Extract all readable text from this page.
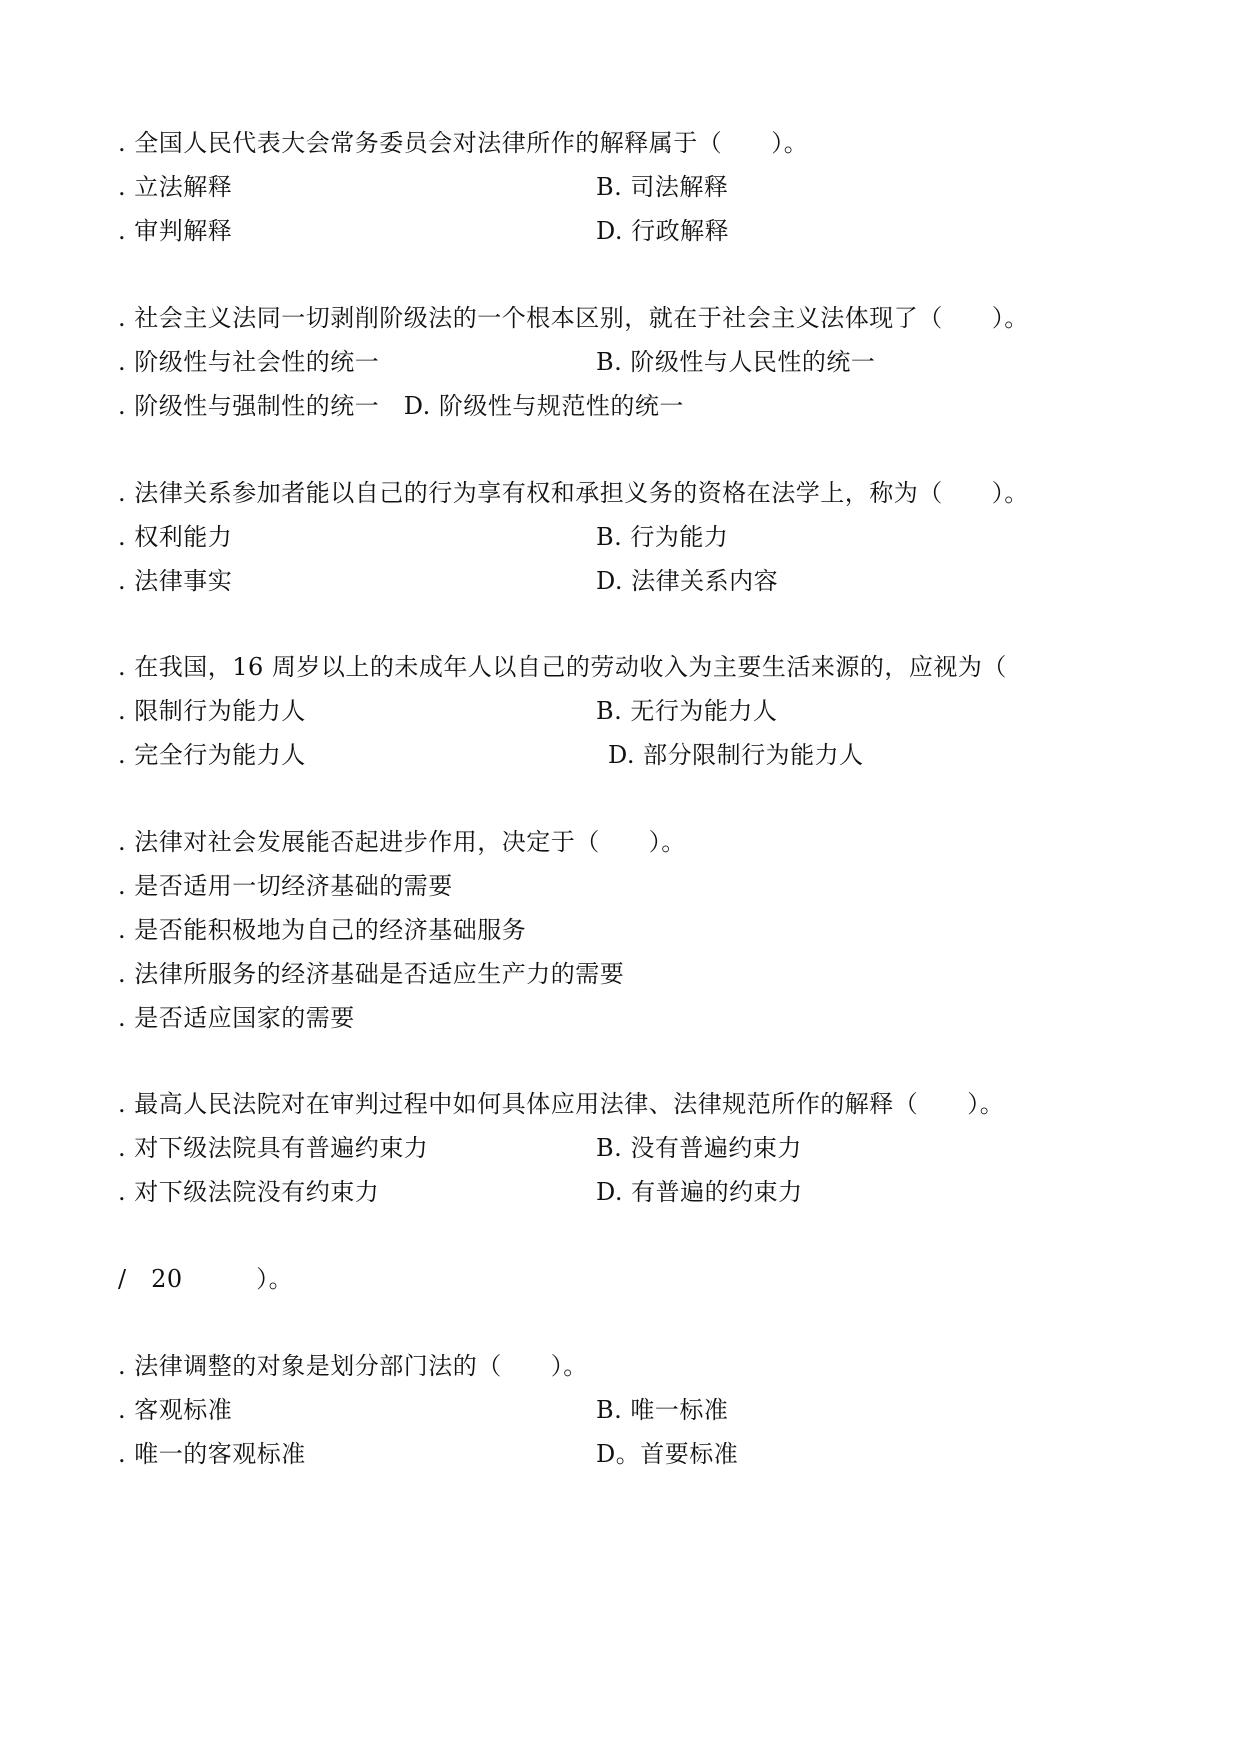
. 全国人民代表大会常务委员会对法律所作的解释属于（　　）。
. 立法解释	B. 司法解释
. 审判解释	D. 行政解释
. 社会主义法同一切剥削阶级法的一个根本区别，就在于社会主义法体现了（　　）。
. 阶级性与社会性的统一	B. 阶级性与人民性的统一
. 阶级性与强制性的统一　D. 阶级性与规范性的统一
. 法律关系参加者能以自己的行为享有权和承担义务的资格在法学上，称为（　　）。
. 权利能力	B. 行为能力
. 法律事实	D. 法律关系内容
. 在我国，16 周岁以上的未成年人以自己的劳动收入为主要生活来源的，应视为（
. 限制行为能力人	B. 无行为能力人
. 完全行为能力人	D. 部分限制行为能力人
. 法律对社会发展能否起进步作用，决定于（　　）。
. 是否适用一切经济基础的需要
. 是否能积极地为自己的经济基础服务
. 法律所服务的经济基础是否适应生产力的需要
. 是否适应国家的需要
. 最高人民法院对在审判过程中如何具体应用法律、法律规范所作的解释（　　）。
. 对下级法院具有普遍约束力	B. 没有普遍约束力
. 对下级法院没有约束力	D. 有普遍的约束力
/　20　　　）。
. 法律调整的对象是划分部门法的（　　）。
. 客观标准	B. 唯一标准
. 唯一的客观标准	D。首要标准
